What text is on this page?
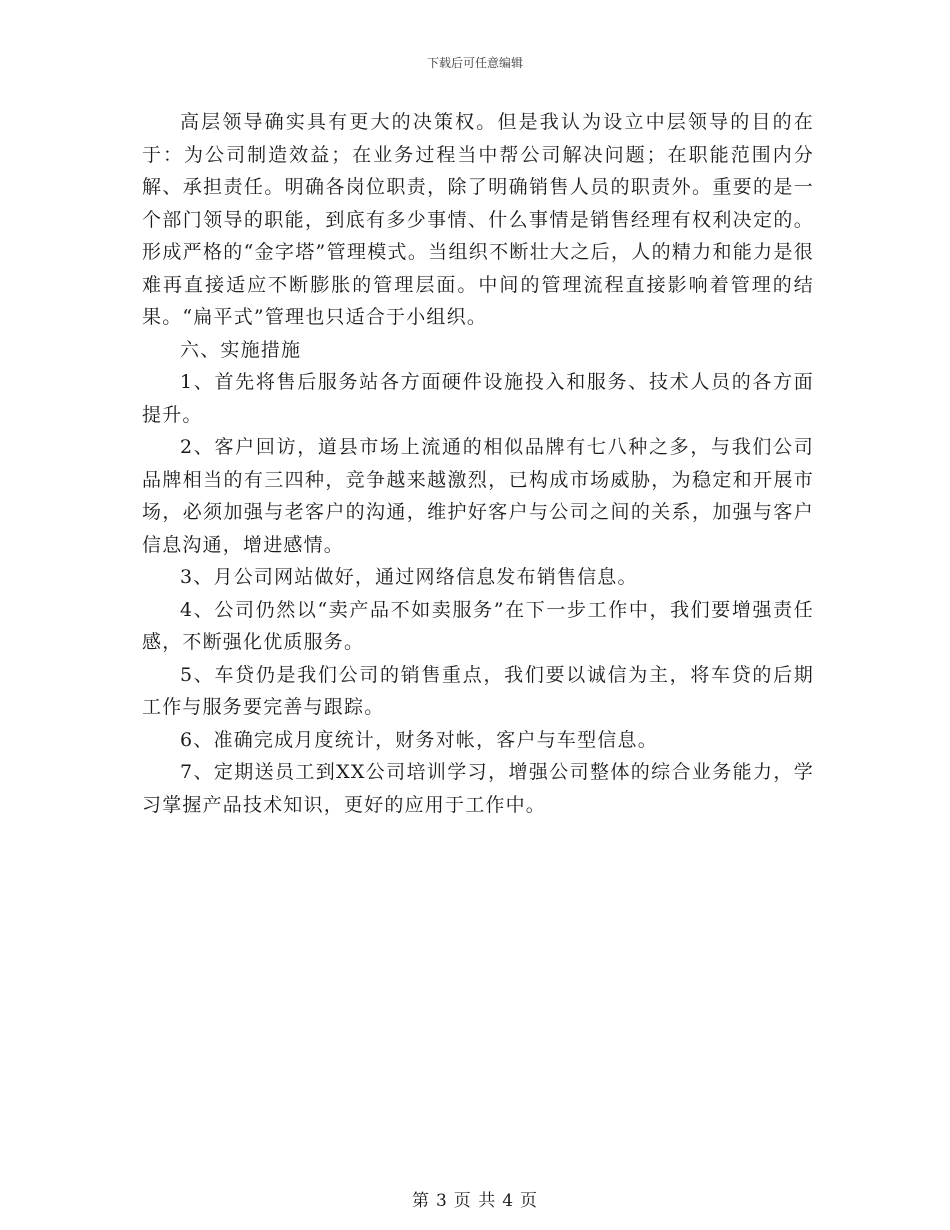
下载后可任意编辑

高层领导确实具有更大的决策权。但是我认为设立中层领导的目的在于：为公司制造效益；在业务过程当中帮公司解决问题；在职能范围内分解、承担责任。明确各岗位职责，除了明确销售人员的职责外。重要的是一个部门领导的职能，到底有多少事情、什么事情是销售经理有权利决定的。形成严格的“金字塔”管理模式。当组织不断壮大之后，人的精力和能力是很难再直接适应不断膨胀的管理层面。中间的管理流程直接影响着管理的结果。“扁平式”管理也只适合于小组织。

六、实施措施

1、首先将售后服务站各方面硬件设施投入和服务、技术人员的各方面提升。

2、客户回访，道县市场上流通的相似品牌有七八种之多，与我们公司品牌相当的有三四种，竞争越来越激烈，已构成市场威胁，为稳定和开展市场，必须加强与老客户的沟通，维护好客户与公司之间的关系，加强与客户信息沟通，增进感情。

3、月公司网站做好，通过网络信息发布销售信息。

4、公司仍然以“卖产品不如卖服务”在下一步工作中，我们要增强责任感，不断强化优质服务。

5、车贷仍是我们公司的销售重点，我们要以诚信为主，将车贷的后期工作与服务要完善与跟踪。

6、准确完成月度统计，财务对帐，客户与车型信息。

7、定期送员工到XX公司培训学习，增强公司整体的综合业务能力，学习掌握产品技术知识，更好的应用于工作中。

第 3 页 共 4 页
